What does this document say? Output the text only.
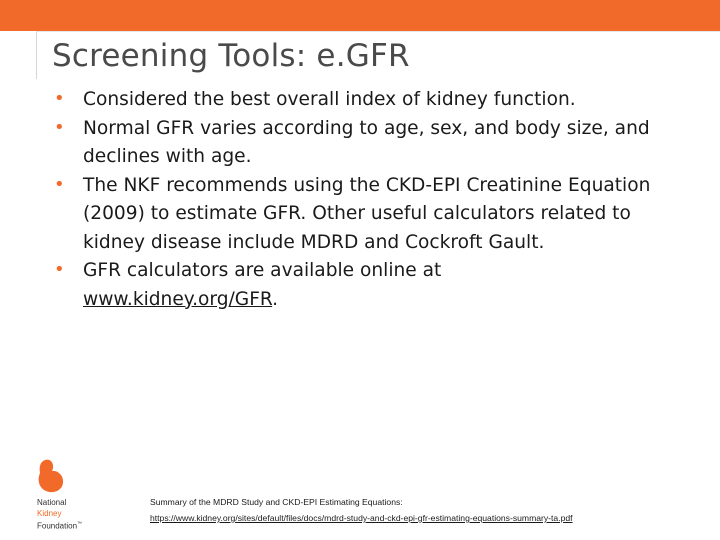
Screening Tools: e.GFR
• Considered the best overall index of kidney function.
• Normal GFR varies according to age, sex, and body size, and declines with age.
• The NKF recommends using the CKD-EPI Creatinine Equation (2009) to estimate GFR. Other useful calculators related to kidney disease include MDRD and Cockroft Gault.
• GFR calculators are available online at
www.kidney.org/GFR.
National
Kidney
Foundation™
Summary of the MDRD Study and CKD-EPI Estimating Equations:
https://www.kidney.org/sites/default/files/docs/mdrd-study-and-ckd-epi-gfr-estimating-equations-summary-ta.pdf
